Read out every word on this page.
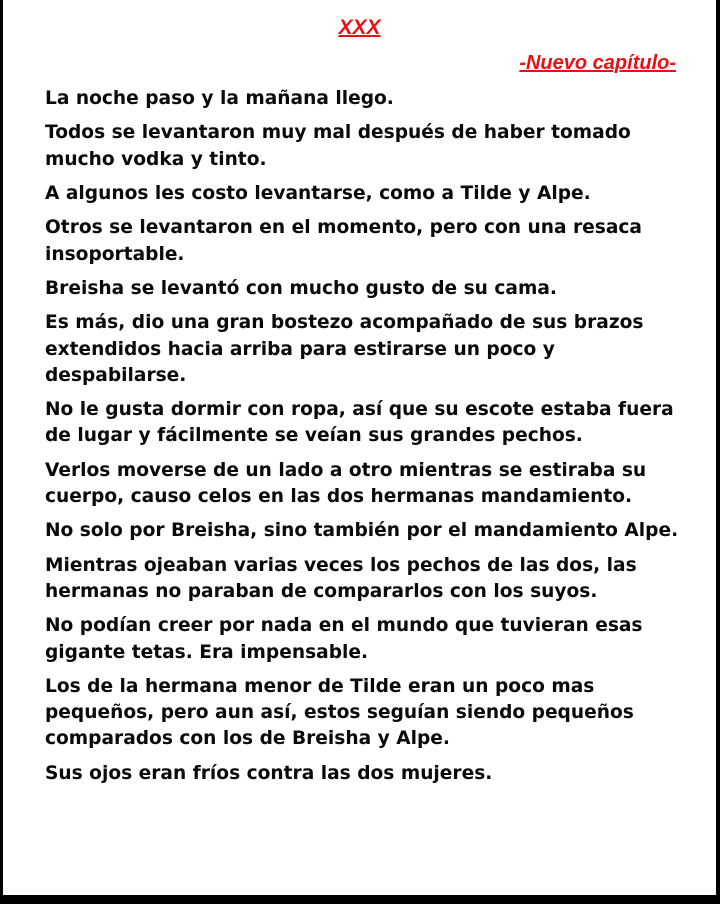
XXX
-Nuevo capítulo-

La noche paso y la mañana llego.

Todos se levantaron muy mal después de haber tomado mucho vodka y tinto.

A algunos les costo levantarse, como a Tilde y Alpe.

Otros se levantaron en el momento, pero con una resaca insoportable.

Breisha se levantó con mucho gusto de su cama.

Es más, dio una gran bostezo acompañado de sus brazos extendidos hacia arriba para estirarse un poco y despabilarse.

No le gusta dormir con ropa, así que su escote estaba fuera de lugar y fácilmente se veían sus grandes pechos.

Verlos moverse de un lado a otro mientras se estiraba su cuerpo, causo celos en las dos hermanas mandamiento.

No solo por Breisha, sino también por el mandamiento Alpe.

Mientras ojeaban varias veces los pechos de las dos, las hermanas no paraban de compararlos con los suyos.

No podían creer por nada en el mundo que tuvieran esas gigante tetas. Era impensable.

Los de la hermana menor de Tilde eran un poco mas pequeños, pero aun así, estos seguían siendo pequeños comparados con los de Breisha y Alpe.

Sus ojos eran fríos contra las dos mujeres.
